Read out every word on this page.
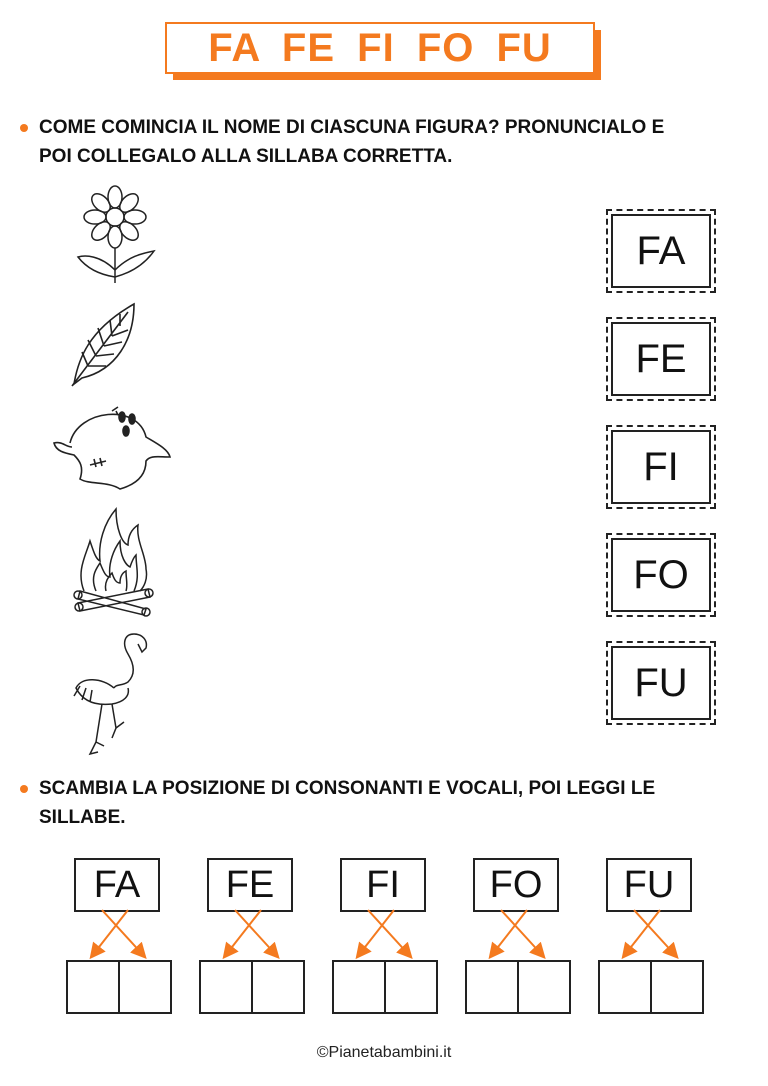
FA FE FI FO FU
COME COMINCIA IL NOME DI CIASCUNA FIGURA? PRONUNCIALO E
POI COLLEGALO ALLA SILLABA CORRETTA.
FA
FE
FI
FO
FU
SCAMBIA LA POSIZIONE DI CONSONANTI E VOCALI, POI LEGGI LE
SILLABE.
FA	FE	FI	FO	FU
©Pianetabambini.it
